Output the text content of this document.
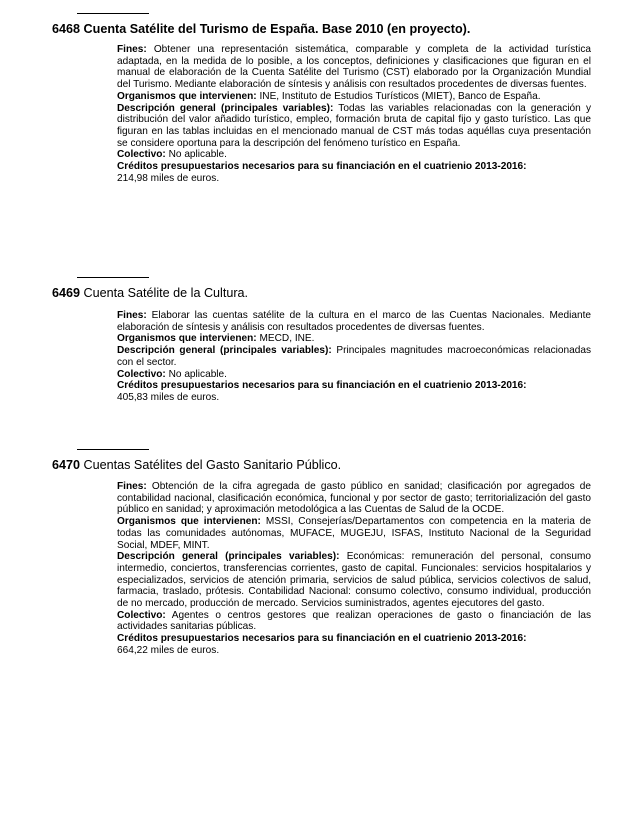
6468 Cuenta Satélite del Turismo de España. Base 2010 (en proyecto).

Fines: Obtener una representación sistemática, comparable y completa de la actividad turística adaptada, en la medida de lo posible, a los conceptos, definiciones y clasificaciones que figuran en el manual de elaboración de la Cuenta Satélite del Turismo (CST) elaborado por la Organización Mundial del Turismo. Mediante elaboración de síntesis y análisis con resultados procedentes de diversas fuentes.

Organismos que intervienen: INE, Instituto de Estudios Turísticos (MIET), Banco de España.

Descripción general (principales variables): Todas las variables relacionadas con la generación y distribución del valor añadido turístico, empleo, formación bruta de capital fijo y gasto turístico. Las que figuran en las tablas incluidas en el mencionado manual de CST más todas aquéllas cuya presentación se considere oportuna para la descripción del fenómeno turístico en España.

Colectivo: No aplicable.

Créditos presupuestarios necesarios para su financiación en el cuatrienio 2013-2016:

214,98 miles de euros.

6469 Cuenta Satélite de la Cultura.

Fines: Elaborar las cuentas satélite de la cultura en el marco de las Cuentas Nacionales. Mediante elaboración de síntesis y análisis con resultados procedentes de diversas fuentes.

Organismos que intervienen: MECD, INE.

Descripción general (principales variables): Principales magnitudes macroeconómicas relacionadas con el sector.

Colectivo: No aplicable.

Créditos presupuestarios necesarios para su financiación en el cuatrienio 2013-2016:

405,83 miles de euros.

6470 Cuentas Satélites del Gasto Sanitario Público.

Fines: Obtención de la cifra agregada de gasto público en sanidad; clasificación por agregados de contabilidad nacional, clasificación económica, funcional y por sector de gasto; territorialización del gasto público en sanidad; y aproximación metodológica a las Cuentas de Salud de la OCDE.

Organismos que intervienen: MSSI, Consejerías/Departamentos con competencia en la materia de todas las comunidades autónomas, MUFACE, MUGEJU, ISFAS, Instituto Nacional de la Seguridad Social, MDEF, MINT.

Descripción general (principales variables): Económicas: remuneración del personal, consumo intermedio, conciertos, transferencias corrientes, gasto de capital. Funcionales: servicios hospitalarios y especializados, servicios de atención primaria, servicios de salud pública, servicios colectivos de salud, farmacia, traslado, prótesis. Contabilidad Nacional: consumo colectivo, consumo individual, producción de no mercado, producción de mercado. Servicios suministrados, agentes ejecutores del gasto.

Colectivo: Agentes o centros gestores que realizan operaciones de gasto o financiación de las actividades sanitarias públicas.

Créditos presupuestarios necesarios para su financiación en el cuatrienio 2013-2016:

664,22 miles de euros.
